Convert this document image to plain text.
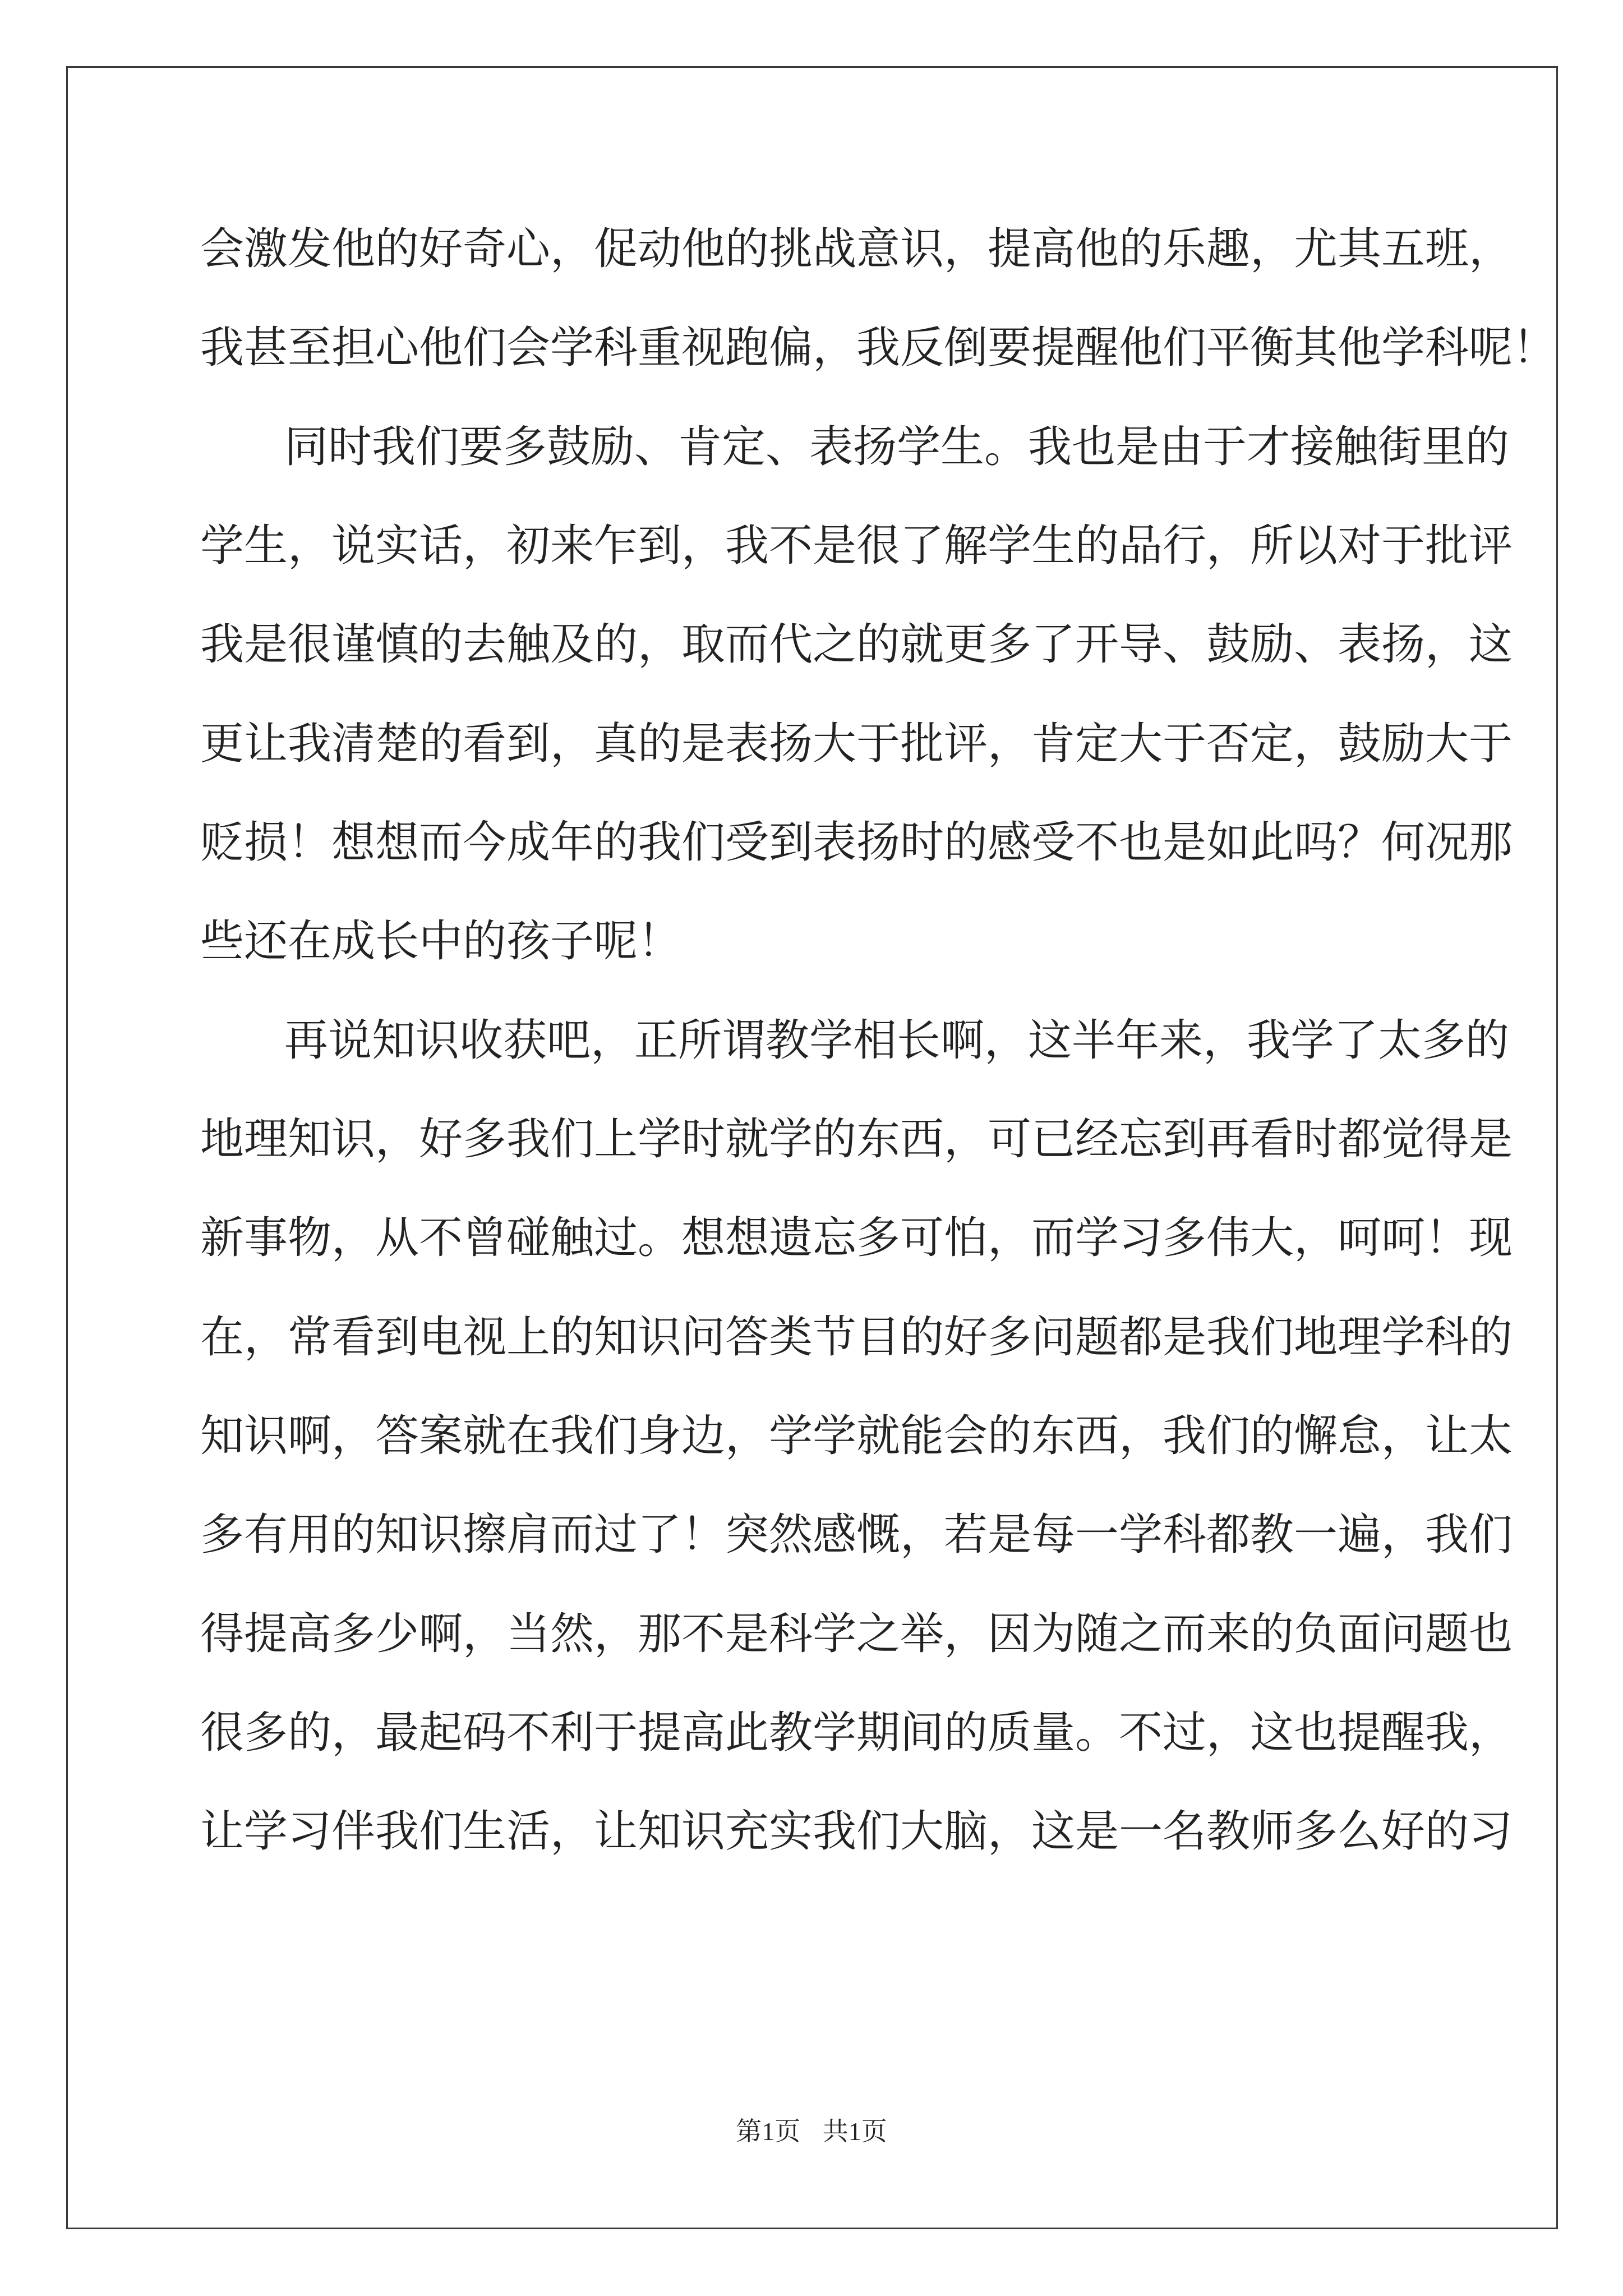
会激发他的好奇心，促动他的挑战意识，提高他的乐趣，尤其五班，
我甚至担心他们会学科重视跑偏，我反倒要提醒他们平衡其他学科呢！
同时我们要多鼓励、肯定、表扬学生。我也是由于才接触街里的
学生，说实话，初来乍到，我不是很了解学生的品行，所以对于批评
我是很谨慎的去触及的，取而代之的就更多了开导、鼓励、表扬，这
更让我清楚的看到，真的是表扬大于批评，肯定大于否定，鼓励大于
贬损！想想而今成年的我们受到表扬时的感受不也是如此吗？何况那
些还在成长中的孩子呢！
再说知识收获吧，正所谓教学相长啊，这半年来，我学了太多的
地理知识，好多我们上学时就学的东西，可已经忘到再看时都觉得是
新事物，从不曾碰触过。想想遗忘多可怕，而学习多伟大，呵呵！现
在，常看到电视上的知识问答类节目的好多问题都是我们地理学科的
知识啊，答案就在我们身边，学学就能会的东西，我们的懈怠，让太
多有用的知识擦肩而过了！突然感慨，若是每一学科都教一遍，我们
得提高多少啊，当然，那不是科学之举，因为随之而来的负面问题也
很多的，最起码不利于提高此教学期间的质量。不过，这也提醒我，
让学习伴我们生活，让知识充实我们大脑，这是一名教师多么好的习
第1页 共1页
